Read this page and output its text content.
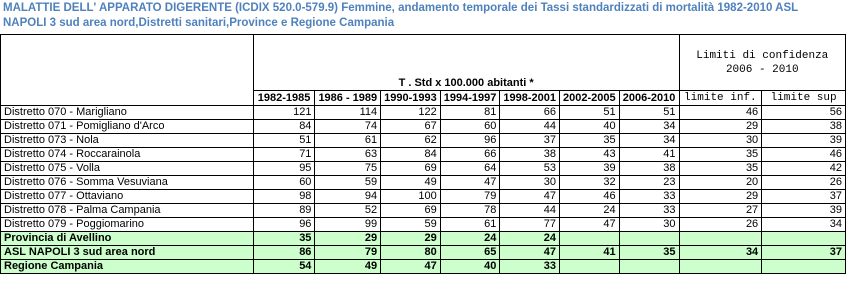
MALATTIE DELL' APPARATO DIGERENTE (ICDIX 520.0-579.9) Femmine, andamento temporale dei Tassi standardizzati di mortalità 1982-2010 ASL NAPOLI 3 sud area nord,Distretti sanitari,Province e Regione Campania
	T . Std x 100.000 abitanti *							Limiti di confidenza
2006 - 2010	

	1982-1985	1986 - 1989	1990-1993	1994-1997	1998-2001	2002-2005	2006-2010	limite inf.	limite sup
Distretto 070 - Marigliano	121	114	122	81	66	51	51	46	56
Distretto 071 - Pomigliano d'Arco	84	74	67	60	44	40	34	29	38
Distretto 073 - Nola	51	61	62	96	37	35	34	30	39
Distretto 074 - Roccarainola	71	63	84	66	38	43	41	35	46
Distretto 075 - Volla	95	75	69	64	53	39	38	35	42
Distretto 076 - Somma Vesuviana	60	59	49	47	30	32	23	20	26
Distretto 077 - Ottaviano	98	94	100	79	47	46	33	29	37
Distretto 078 - Palma Campania	89	52	69	78	44	24	33	27	39
Distretto 079 - Poggiomarino	96	99	59	61	77	47	30	26	34
Provincia di Avellino	35	29	29	24	24				
ASL NAPOLI 3 sud area nord	86	79	80	65	47	41	35	34	37
Regione Campania	54	49	47	40	33				
